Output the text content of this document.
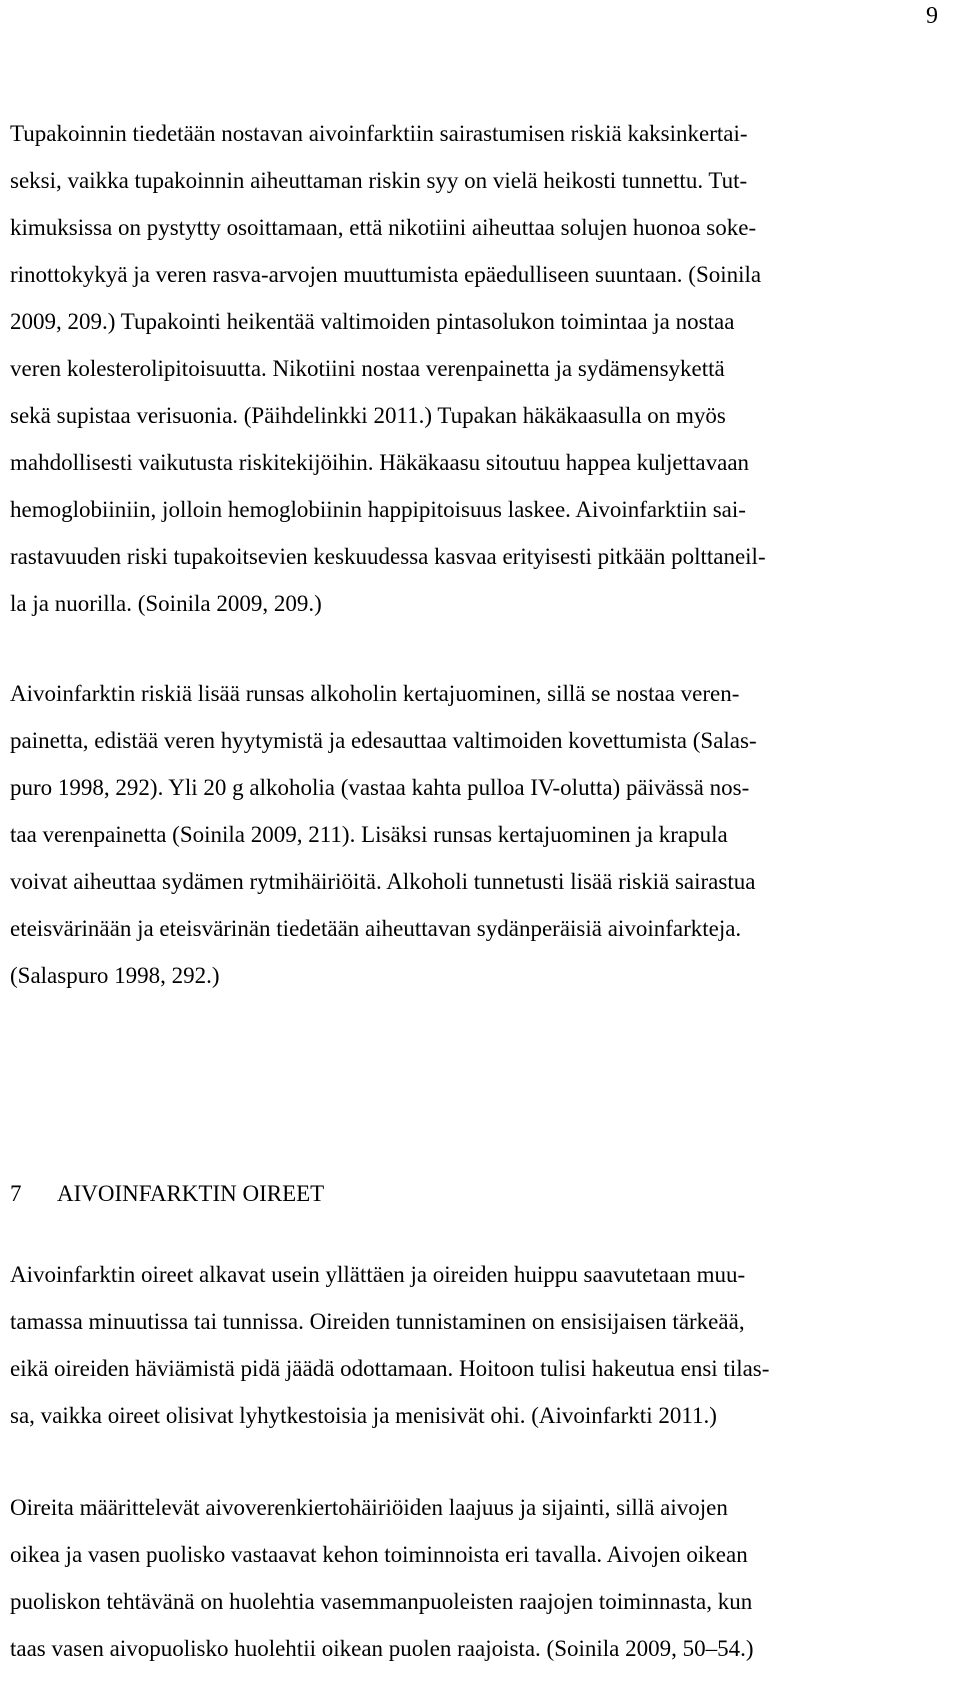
9
Tupakoinnin tiedetään nostavan aivoinfarktiin sairastumisen riskiä kaksinkertai-
seksi, vaikka tupakoinnin aiheuttaman riskin syy on vielä heikosti tunnettu. Tut-
kimuksissa on pystytty osoittamaan, että nikotiini aiheuttaa solujen huonoa soke-
rinottokykyä ja veren rasva-arvojen muuttumista epäedulliseen suuntaan. (Soinila
2009, 209.) Tupakointi heikentää valtimoiden pintasolukon toimintaa ja nostaa
veren kolesterolipitoisuutta. Nikotiini nostaa verenpainetta ja sydämensykettä
sekä supistaa verisuonia. (Päihdelinkki 2011.) Tupakan häkäkaasulla on myös
mahdollisesti vaikutusta riskitekijöihin. Häkäkaasu sitoutuu happea kuljettavaan
hemoglobiiniin, jolloin hemoglobiinin happipitoisuus laskee. Aivoinfarktiin sai-
rastavuuden riski tupakoitsevien keskuudessa kasvaa erityisesti pitkään polttaneil-
la ja nuorilla. (Soinila 2009, 209.)
Aivoinfarktin riskiä lisää runsas alkoholin kertajuominen, sillä se nostaa veren-
painetta, edistää veren hyytymistä ja edesauttaa valtimoiden kovettumista (Salas-
puro 1998, 292). Yli 20 g alkoholia (vastaa kahta pulloa IV-olutta) päivässä nos-
taa verenpainetta (Soinila 2009, 211). Lisäksi runsas kertajuominen ja krapula
voivat aiheuttaa sydämen rytmihäiriöitä. Alkoholi tunnetusti lisää riskiä sairastua
eteisvärinään ja eteisvärinän tiedetään aiheuttavan sydänperäisiä aivoinfarkteja.
(Salaspuro 1998, 292.)
7 AIVOINFARKTIN OIREET
Aivoinfarktin oireet alkavat usein yllättäen ja oireiden huippu saavutetaan muu-
tamassa minuutissa tai tunnissa. Oireiden tunnistaminen on ensisijaisen tärkeää,
eikä oireiden häviämistä pidä jäädä odottamaan. Hoitoon tulisi hakeutua ensi tilas-
sa, vaikka oireet olisivat lyhytkestoisia ja menisivät ohi. (Aivoinfarkti 2011.)
Oireita määrittelevät aivoverenkiertohäiriöiden laajuus ja sijainti, sillä aivojen
oikea ja vasen puolisko vastaavat kehon toiminnoista eri tavalla. Aivojen oikean
puoliskon tehtävänä on huolehtia vasemmanpuoleisten raajojen toiminnasta, kun
taas vasen aivopuolisko huolehtii oikean puolen raajoista. (Soinila 2009, 50–54.)
